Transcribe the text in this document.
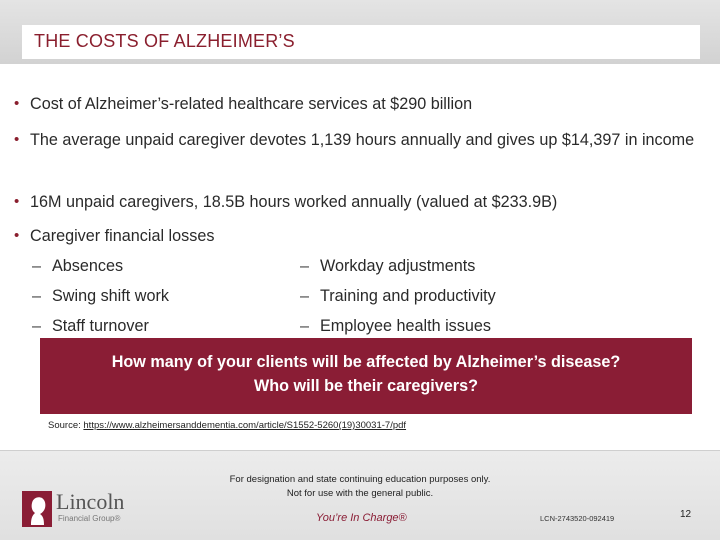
THE COSTS OF ALZHEIMER’S
• Cost of Alzheimer’s-related healthcare services at $290 billion
• The average unpaid caregiver devotes 1,139 hours annually and gives up $14,397 in income
• 16M unpaid caregivers, 18.5B hours worked annually (valued at $233.9B)
• Caregiver financial losses
– Absences
– Swing shift work
– Staff turnover
– Workday adjustments
– Training and productivity
– Employee health issues
How many of your clients will be affected by Alzheimer’s disease?
Who will be their caregivers?
Source: https://www.alzheimersanddementia.com/article/S1552-5260(19)30031-7/pdf
For designation and state continuing education purposes only.
Not for use with the general public.
Lincoln
Financial Group®	You’re In Charge®	LCN-2743520-092419	12
